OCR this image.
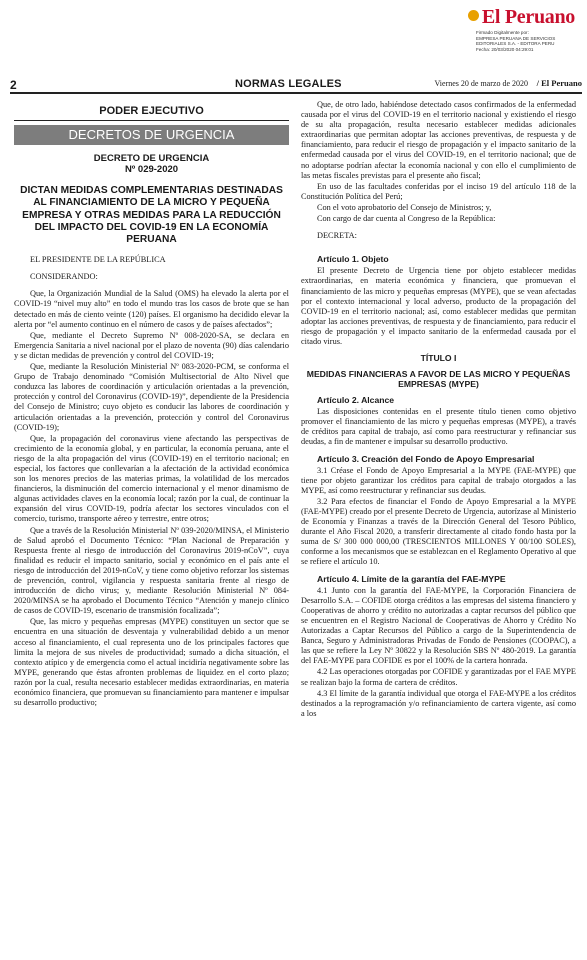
El Peruano
Firmado Digitalmente por:
EMPRESA PERUANA DE SERVICIOS
EDITORIALES S.A. - EDITORA PERU
Fecha: 20/03/2020 04:29:01
2	NORMAS LEGALES	Viernes 20 de marzo de 2020 / El Peruano
PODER EJECUTIVO
DECRETOS DE URGENCIA
DECRETO DE URGENCIA
Nº 029-2020
DICTAN MEDIDAS COMPLEMENTARIAS DESTINADAS AL FINANCIAMIENTO DE LA MICRO Y PEQUEÑA EMPRESA Y OTRAS MEDIDAS PARA LA REDUCCIÓN DEL IMPACTO DEL COVID-19 EN LA ECONOMÍA PERUANA

EL PRESIDENTE DE LA REPÚBLICA

CONSIDERANDO:

Que, la Organización Mundial de la Salud (OMS) ha elevado la alerta por el COVID-19 “nivel muy alto” en todo el mundo tras los casos de brote que se han detectado en más de ciento veinte (120) países. El organismo ha decidido elevar la alerta por “el aumento continuo en el número de casos y de países afectados”;

Que, mediante el Decreto Supremo Nº 008-2020-SA, se declara en Emergencia Sanitaria a nivel nacional por el plazo de noventa (90) días calendario y se dictan medidas de prevención y control del COVID-19;

Que, mediante la Resolución Ministerial Nº 083-2020-PCM, se conforma el Grupo de Trabajo denominado “Comisión Multisectorial de Alto Nivel que conduzca las labores de coordinación y articulación orientadas a la prevención, protección y control del Coronavirus (COVID-19)”, dependiente de la Presidencia del Consejo de Ministro; cuyo objeto es conducir las labores de coordinación y articulación orientadas a la prevención, protección y control del Coronavirus (COVID-19);

Que, la propagación del coronavirus viene afectando las perspectivas de crecimiento de la economía global, y en particular, la economía peruana, ante el riesgo de la alta propagación del virus (COVID-19) en el territorio nacional; en especial, los factores que conllevarían a la afectación de la actividad económica son los menores precios de las materias primas, la volatilidad de los mercados financieros, la disminución del comercio internacional y el menor dinamismo de algunas actividades claves en la economía local; razón por la cual, de continuar la expansión del virus COVID-19, podría afectar los sectores vinculados con el comercio, turismo, transporte aéreo y terrestre, entre otros;

Que a través de la Resolución Ministerial Nº 039-2020/MINSA, el Ministerio de Salud aprobó el Documento Técnico: “Plan Nacional de Preparación y Respuesta frente al riesgo de introducción del Coronavirus 2019-nCoV”, cuya finalidad es reducir el impacto sanitario, social y económico en el país ante el riesgo de introducción del 2019-nCoV, y tiene como objetivo reforzar los sistemas de prevención, control, vigilancia y respuesta sanitaria frente al riesgo de introducción de dicho virus; y, mediante Resolución Ministerial Nº 084-2020/MINSA se ha aprobado el Documento Técnico “Atención y manejo clínico de casos de COVID-19, escenario de transmisión focalizada”;

Que, las micro y pequeñas empresas (MYPE) constituyen un sector que se encuentra en una situación de desventaja y vulnerabilidad debido a un menor acceso al financiamiento, el cual representa uno de los principales factores que limita la mejora de sus niveles de productividad; sumado a dicha situación, el contexto atípico y de emergencia como el actual incidiría negativamente sobre las MYPE, generando que éstas afronten problemas de liquidez en el corto plazo; razón por la cual, resulta necesario establecer medidas extraordinarias, en materia económico financiera, que promuevan su financiamiento para mantener e impulsar su desarrollo productivo;

Que, de otro lado, habiéndose detectado casos confirmados de la enfermedad causada por el virus del COVID-19 en el territorio nacional y existiendo el riesgo de su alta propagación, resulta necesario establecer medidas adicionales extraordinarias que permitan adoptar las acciones preventivas, de respuesta y de financiamiento, para reducir el riesgo de propagación y el impacto sanitario de la enfermedad causada por el virus del COVID-19, en el territorio nacional; que de no adoptarse podrían afectar la economía nacional y con ello el cumplimiento de las metas fiscales previstas para el presente año fiscal;

En uso de las facultades conferidas por el inciso 19 del artículo 118 de la Constitución Política del Perú;

Con el voto aprobatorio del Consejo de Ministros; y,

Con cargo de dar cuenta al Congreso de la República:

DECRETA:

Artículo 1. Objeto

El presente Decreto de Urgencia tiene por objeto establecer medidas extraordinarias, en materia económica y financiera, que promuevan el financiamiento de las micro y pequeñas empresas (MYPE), que se vean afectadas por el contexto internacional y local adverso, producto de la propagación del COVID-19 en el territorio nacional; así, como establecer medidas que permitan adoptar las acciones preventivas, de respuesta y de financiamiento, para reducir el riesgo de propagación y el impacto sanitario de la enfermedad causada por el citado virus.

TÍTULO I
MEDIDAS FINANCIERAS A FAVOR DE LAS MICRO Y PEQUEÑAS EMPRESAS (MYPE)
Artículo 2. Alcance

Las disposiciones contenidas en el presente título tienen como objetivo promover el financiamiento de las micro y pequeñas empresas (MYPE), a través de créditos para capital de trabajo, así como para reestructurar y refinanciar sus deudas, a fin de mantener e impulsar su desarrollo productivo.

Artículo 3. Creación del Fondo de Apoyo Empresarial

3.1 Créase el Fondo de Apoyo Empresarial a la MYPE (FAE-MYPE) que tiene por objeto garantizar los créditos para capital de trabajo otorgados a las MYPE, así como reestructurar y refinanciar sus deudas.

3.2 Para efectos de financiar el Fondo de Apoyo Empresarial a la MYPE (FAE-MYPE) creado por el presente Decreto de Urgencia, autorízase al Ministerio de Economía y Finanzas a través de la Dirección General del Tesoro Público, durante el Año Fiscal 2020, a transferir directamente al citado fondo hasta por la suma de S/ 300 000 000,00 (TRESCIENTOS MILLONES Y 00/100 SOLES), conforme a los mecanismos que se establezcan en el Reglamento Operativo al que se refiere el artículo 10.

Artículo 4. Límite de la garantía del FAE-MYPE

4.1 Junto con la garantía del FAE-MYPE, la Corporación Financiera de Desarrollo S.A. – COFIDE otorga créditos a las empresas del sistema financiero y Cooperativas de ahorro y crédito no autorizadas a captar recursos del público que se encuentren en el Registro Nacional de Cooperativas de Ahorro y Crédito No Autorizadas a Captar Recursos del Público a cargo de la Superintendencia de Banca, Seguro y Administradoras Privadas de Fondo de Pensiones (COOPAC), a las que se refiere la Ley Nº 30822 y la Resolución SBS Nº 480-2019. La garantía del FAE-MYPE para COFIDE es por el 100% de la cartera honrada.

4.2 Las operaciones otorgadas por COFIDE y garantizadas por el FAE MYPE se realizan bajo la forma de cartera de créditos.

4.3 El límite de la garantía individual que otorga el FAE-MYPE a los créditos destinados a la reprogramación y/o refinanciamiento de cartera vigente, así como a los
